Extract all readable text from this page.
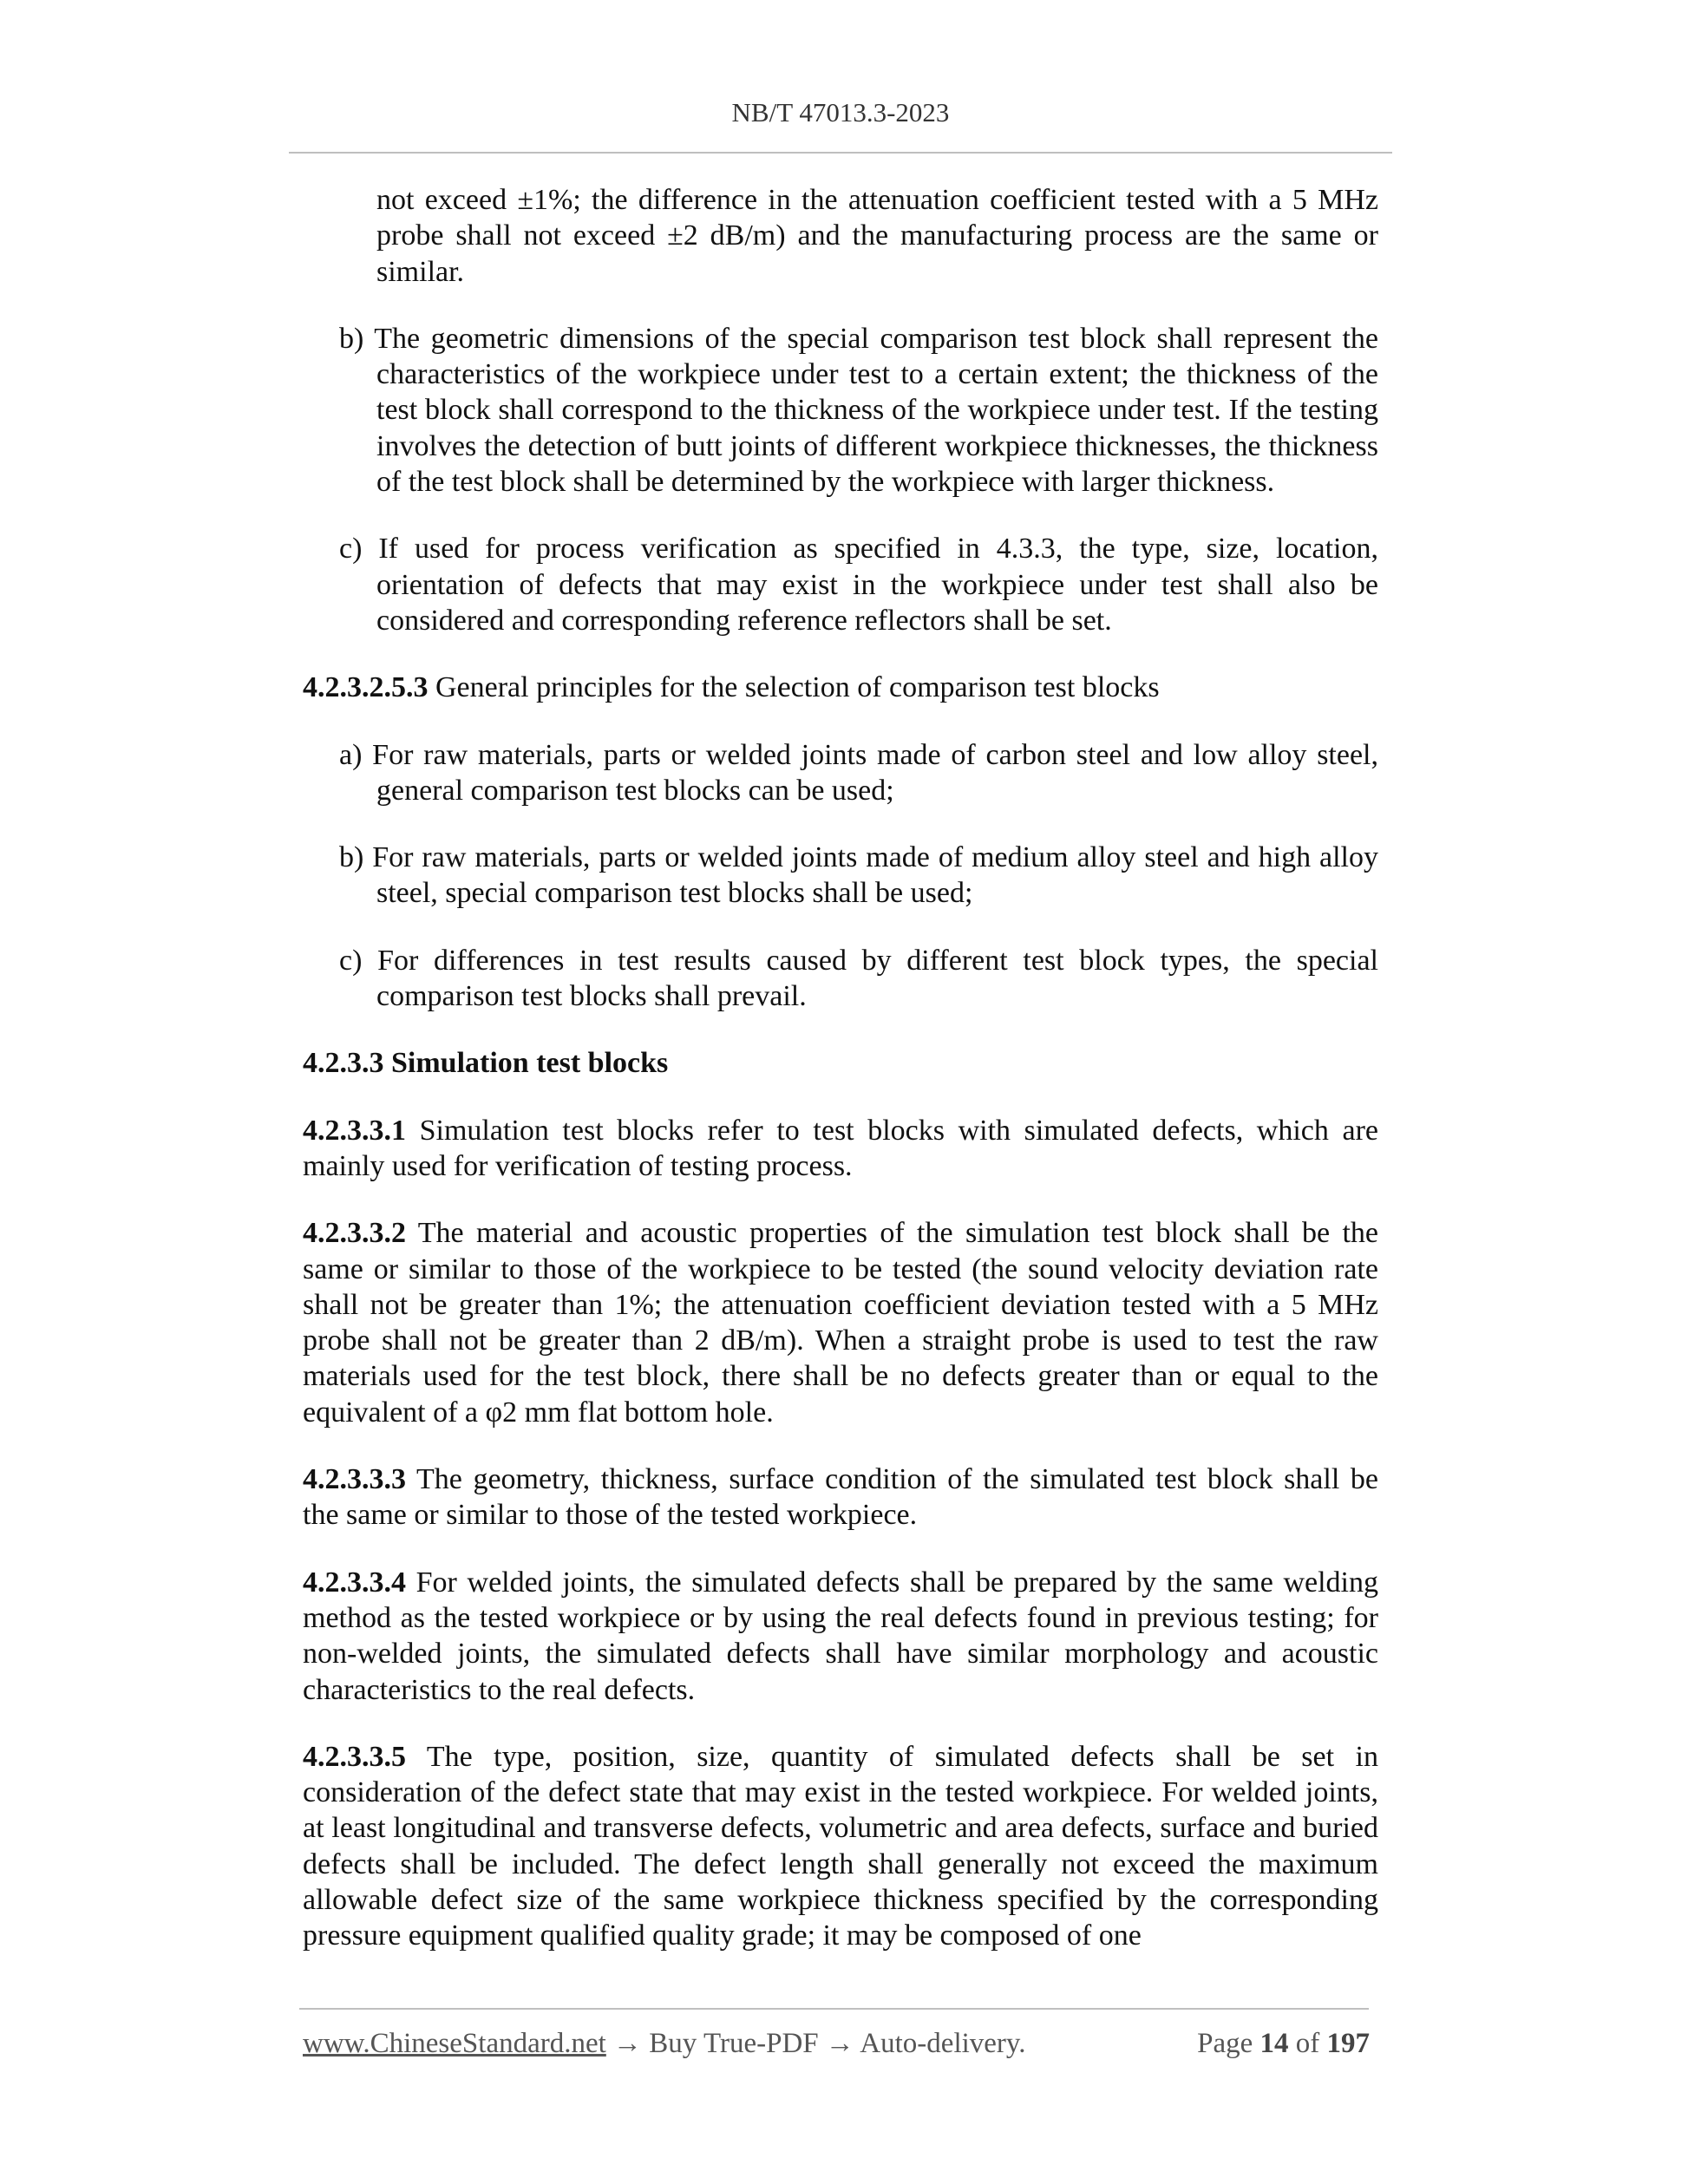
NB/T 47013.3-2023

not exceed ±1%; the difference in the attenuation coefficient tested with a 5 MHz probe shall not exceed ±2 dB/m) and the manufacturing process are the same or similar.

b) The geometric dimensions of the special comparison test block shall represent the characteristics of the workpiece under test to a certain extent; the thickness of the test block shall correspond to the thickness of the workpiece under test. If the testing involves the detection of butt joints of different workpiece thicknesses, the thickness of the test block shall be determined by the workpiece with larger thickness.

c) If used for process verification as specified in 4.3.3, the type, size, location, orientation of defects that may exist in the workpiece under test shall also be considered and corresponding reference reflectors shall be set.

4.2.3.2.5.3 General principles for the selection of comparison test blocks

a) For raw materials, parts or welded joints made of carbon steel and low alloy steel, general comparison test blocks can be used;

b) For raw materials, parts or welded joints made of medium alloy steel and high alloy steel, special comparison test blocks shall be used;

c) For differences in test results caused by different test block types, the special comparison test blocks shall prevail.

4.2.3.3 Simulation test blocks

4.2.3.3.1 Simulation test blocks refer to test blocks with simulated defects, which are mainly used for verification of testing process.

4.2.3.3.2 The material and acoustic properties of the simulation test block shall be the same or similar to those of the workpiece to be tested (the sound velocity deviation rate shall not be greater than 1%; the attenuation coefficient deviation tested with a 5 MHz probe shall not be greater than 2 dB/m). When a straight probe is used to test the raw materials used for the test block, there shall be no defects greater than or equal to the equivalent of a φ2 mm flat bottom hole.

4.2.3.3.3 The geometry, thickness, surface condition of the simulated test block shall be the same or similar to those of the tested workpiece.

4.2.3.3.4 For welded joints, the simulated defects shall be prepared by the same welding method as the tested workpiece or by using the real defects found in previous testing; for non-welded joints, the simulated defects shall have similar morphology and acoustic characteristics to the real defects.

4.2.3.3.5 The type, position, size, quantity of simulated defects shall be set in consideration of the defect state that may exist in the tested workpiece. For welded joints, at least longitudinal and transverse defects, volumetric and area defects, surface and buried defects shall be included. The defect length shall generally not exceed the maximum allowable defect size of the same workpiece thickness specified by the corresponding pressure equipment qualified quality grade; it may be composed of one

www.ChineseStandard.net → Buy True-PDF → Auto-delivery.	Page 14 of 197
